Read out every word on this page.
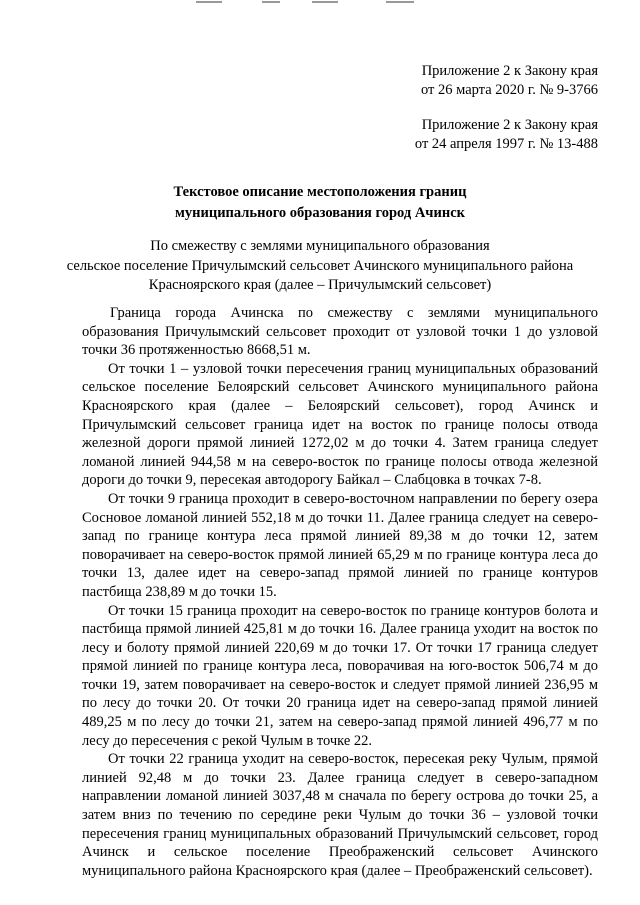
Приложение 2 к Закону края
от 26 марта 2020 г. № 9-3766
Приложение 2 к Закону края
от 24 апреля 1997 г. № 13-488
Текстовое описание местоположения границ
муниципального образования город Ачинск
По смежеству с землями муниципального образования
сельское поселение Причулымский сельсовет Ачинского муниципального района
Красноярского края (далее – Причулымский сельсовет)

Граница города Ачинска по смежеству с землями муниципального образования Причулымский сельсовет проходит от узловой точки 1 до узловой точки 36 протяженностью 8668,51 м.

От точки 1 – узловой точки пересечения границ муниципальных образований сельское поселение Белоярский сельсовет Ачинского муниципального района Красноярского края (далее – Белоярский сельсовет), город Ачинск и Причулымский сельсовет граница идет на восток по границе полосы отвода железной дороги прямой линией 1272,02 м до точки 4. Затем граница следует ломаной линией 944,58 м на северо-восток по границе полосы отвода железной дороги до точки 9, пересекая автодорогу Байкал – Слабцовка в точках 7-8.

От точки 9 граница проходит в северо-восточном направлении по берегу озера Сосновое ломаной линией 552,18 м до точки 11. Далее граница следует на северо-запад по границе контура леса прямой линией 89,38 м до точки 12, затем поворачивает на северо-восток прямой линией 65,29 м по границе контура леса до точки 13, далее идет на северо-запад прямой линией по границе контуров пастбища 238,89 м до точки 15.

От точки 15 граница проходит на северо-восток по границе контуров болота и пастбища прямой линией 425,81 м до точки 16. Далее граница уходит на восток по лесу и болоту прямой линией 220,69 м до точки 17. От точки 17 граница следует прямой линией по границе контура леса, поворачивая на юго-восток 506,74 м до точки 19, затем поворачивает на северо-восток и следует прямой линией 236,95 м по лесу до точки 20. От точки 20 граница идет на северо-запад прямой линией 489,25 м по лесу до точки 21, затем на северо-запад прямой линией 496,77 м по лесу до пересечения с рекой Чулым в точке 22.

От точки 22 граница уходит на северо-восток, пересекая реку Чулым, прямой линией 92,48 м до точки 23. Далее граница следует в северо-западном направлении ломаной линией 3037,48 м сначала по берегу острова до точки 25, а затем вниз по течению по середине реки Чулым до точки 36 – узловой точки пересечения границ муниципальных образований Причулымский сельсовет, город Ачинск и сельское поселение Преображенский сельсовет Ачинского муниципального района Красноярского края (далее – Преображенский сельсовет).
